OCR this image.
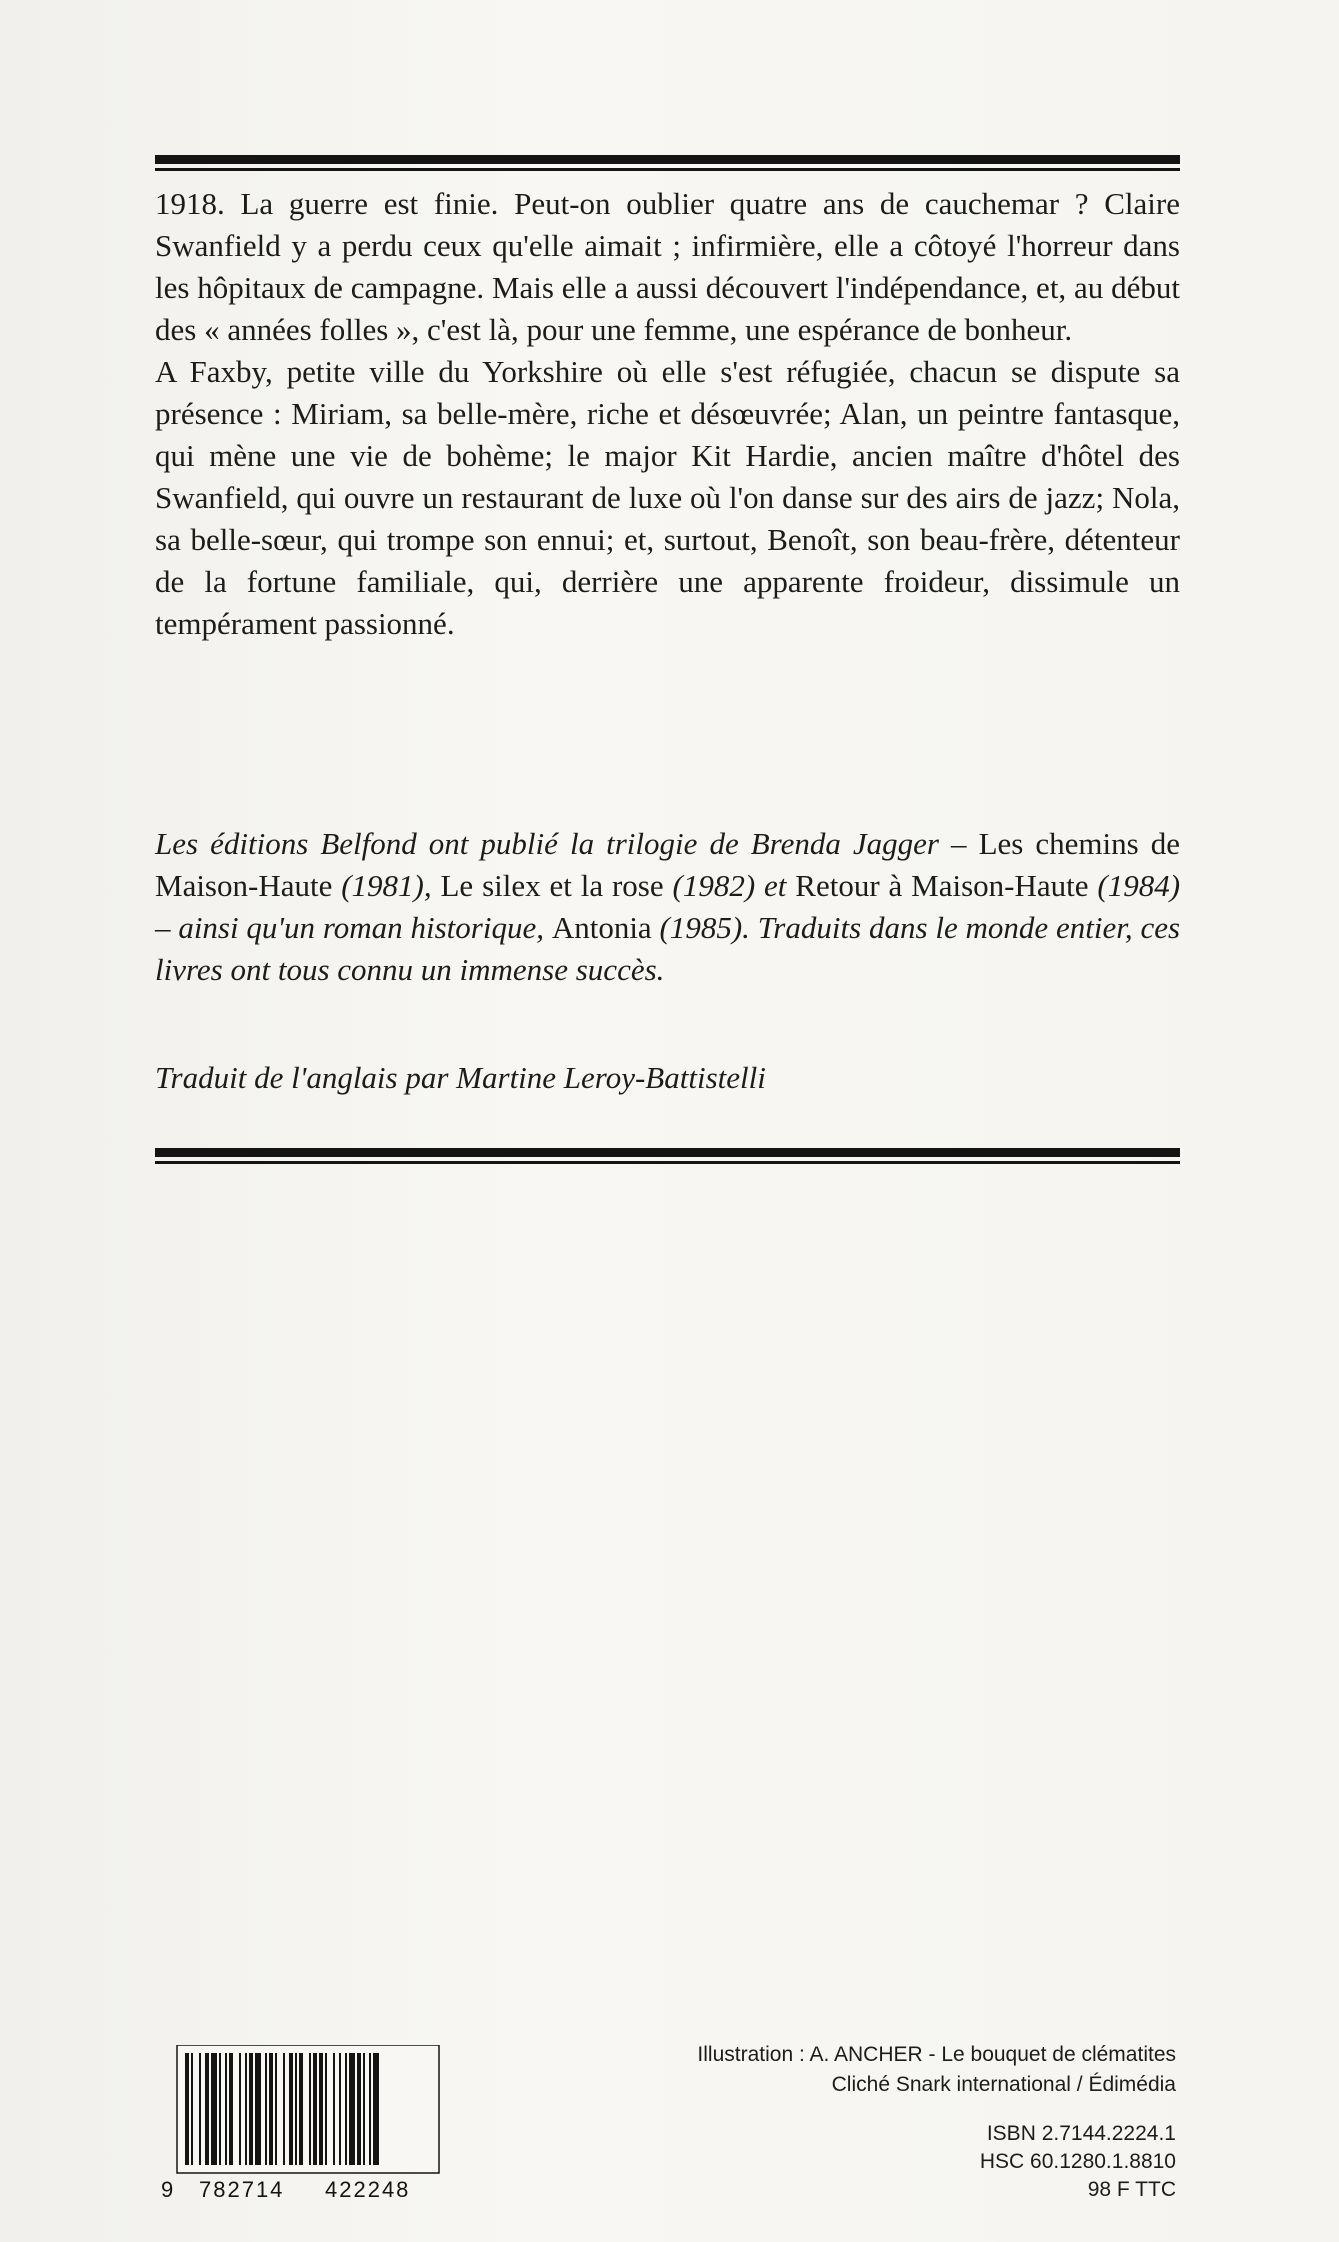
1918. La guerre est finie. Peut-on oublier quatre ans de cauchemar ? Claire Swanfield y a perdu ceux qu'elle aimait ; infirmière, elle a côtoyé l'horreur dans les hôpitaux de campagne. Mais elle a aussi découvert l'indépendance, et, au début des « années folles », c'est là, pour une femme, une espérance de bonheur.

A Faxby, petite ville du Yorkshire où elle s'est réfugiée, chacun se dispute sa présence : Miriam, sa belle-mère, riche et désœuvrée; Alan, un peintre fantasque, qui mène une vie de bohème; le major Kit Hardie, ancien maître d'hôtel des Swanfield, qui ouvre un restaurant de luxe où l'on danse sur des airs de jazz; Nola, sa belle-sœur, qui trompe son ennui; et, surtout, Benoît, son beau-frère, détenteur de la fortune familiale, qui, derrière une apparente froideur, dissimule un tempérament passionné.

Les éditions Belfond ont publié la trilogie de Brenda Jagger – Les chemins de Maison-Haute (1981), Le silex et la rose (1982) et Retour à Maison-Haute (1984) – ainsi qu'un roman historique, Antonia (1985). Traduits dans le monde entier, ces livres ont tous connu un immense succès.

Traduit de l'anglais par Martine Leroy-Battistelli

9 782714 422248
Illustration : A. ANCHER - Le bouquet de clématites
Cliché Snark international / Édimédia
ISBN 2.7144.2224.1
HSC 60.1280.1.8810
98 F TTC
